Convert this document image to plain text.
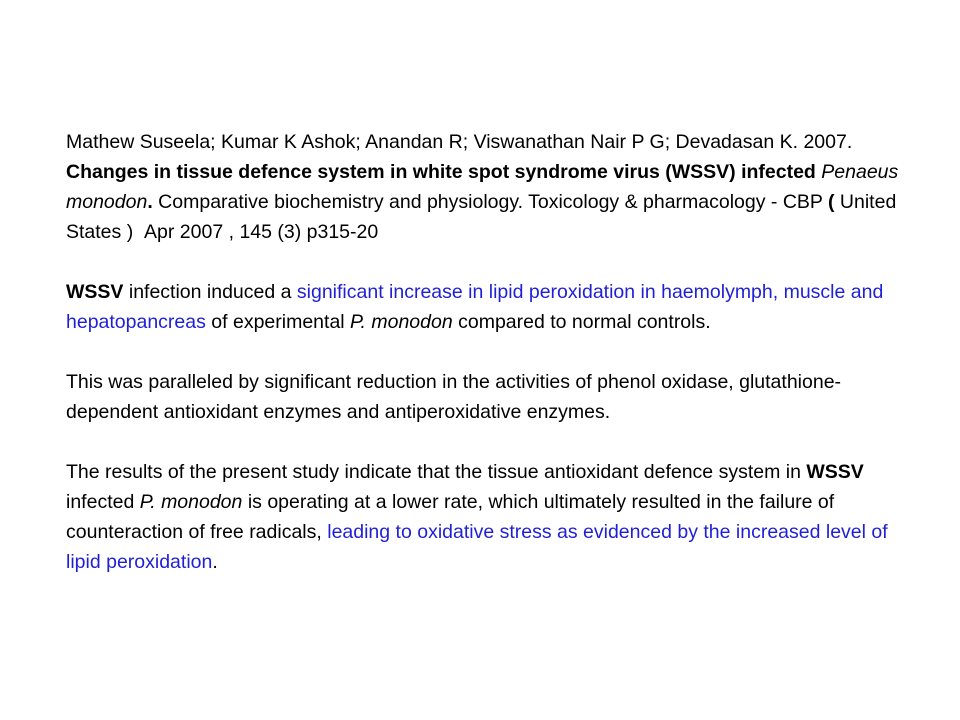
Mathew Suseela; Kumar K Ashok; Anandan R; Viswanathan Nair P G; Devadasan K. 2007. Changes in tissue defence system in white spot syndrome virus (WSSV) infected Penaeus monodon. Comparative biochemistry and physiology. Toxicology & pharmacology - CBP ( United States ) Apr 2007 , 145 (3) p315-20

WSSV infection induced a significant increase in lipid peroxidation in haemolymph, muscle and hepatopancreas of experimental P. monodon compared to normal controls.

This was paralleled by significant reduction in the activities of phenol oxidase, glutathione-dependent antioxidant enzymes and antiperoxidative enzymes.

The results of the present study indicate that the tissue antioxidant defence system in WSSV infected P. monodon is operating at a lower rate, which ultimately resulted in the failure of counteraction of free radicals, leading to oxidative stress as evidenced by the increased level of lipid peroxidation.
